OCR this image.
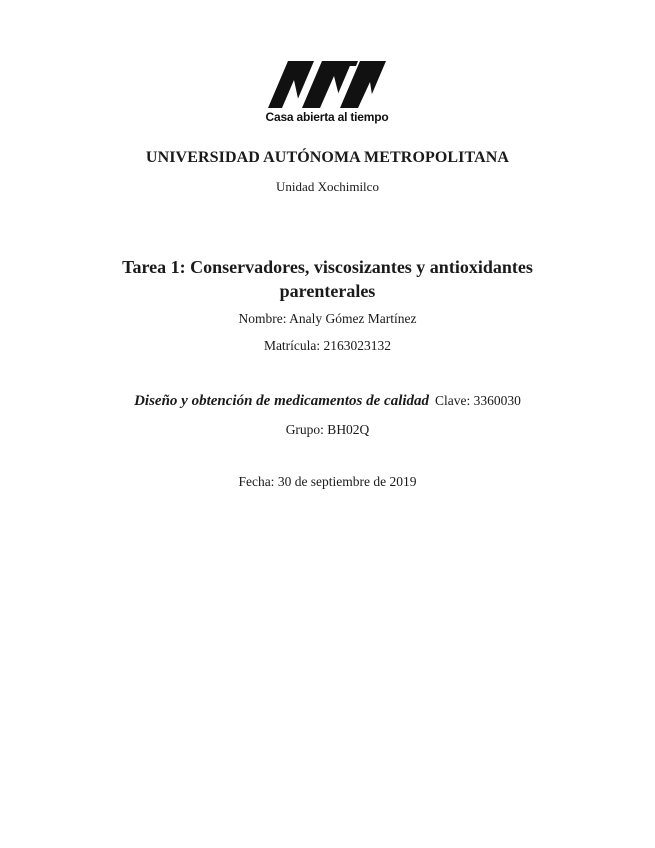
Casa abierta al tiempo
UNIVERSIDAD AUTÓNOMA METROPOLITANA
Unidad Xochimilco
Tarea 1: Conservadores, viscosizantes y antioxidantes parenterales
Nombre: Analy Gómez Martínez
Matrícula: 2163023132
Diseño y obtención de medicamentos de calidad Clave: 3360030
Grupo: BH02Q
Fecha: 30 de septiembre de 2019
